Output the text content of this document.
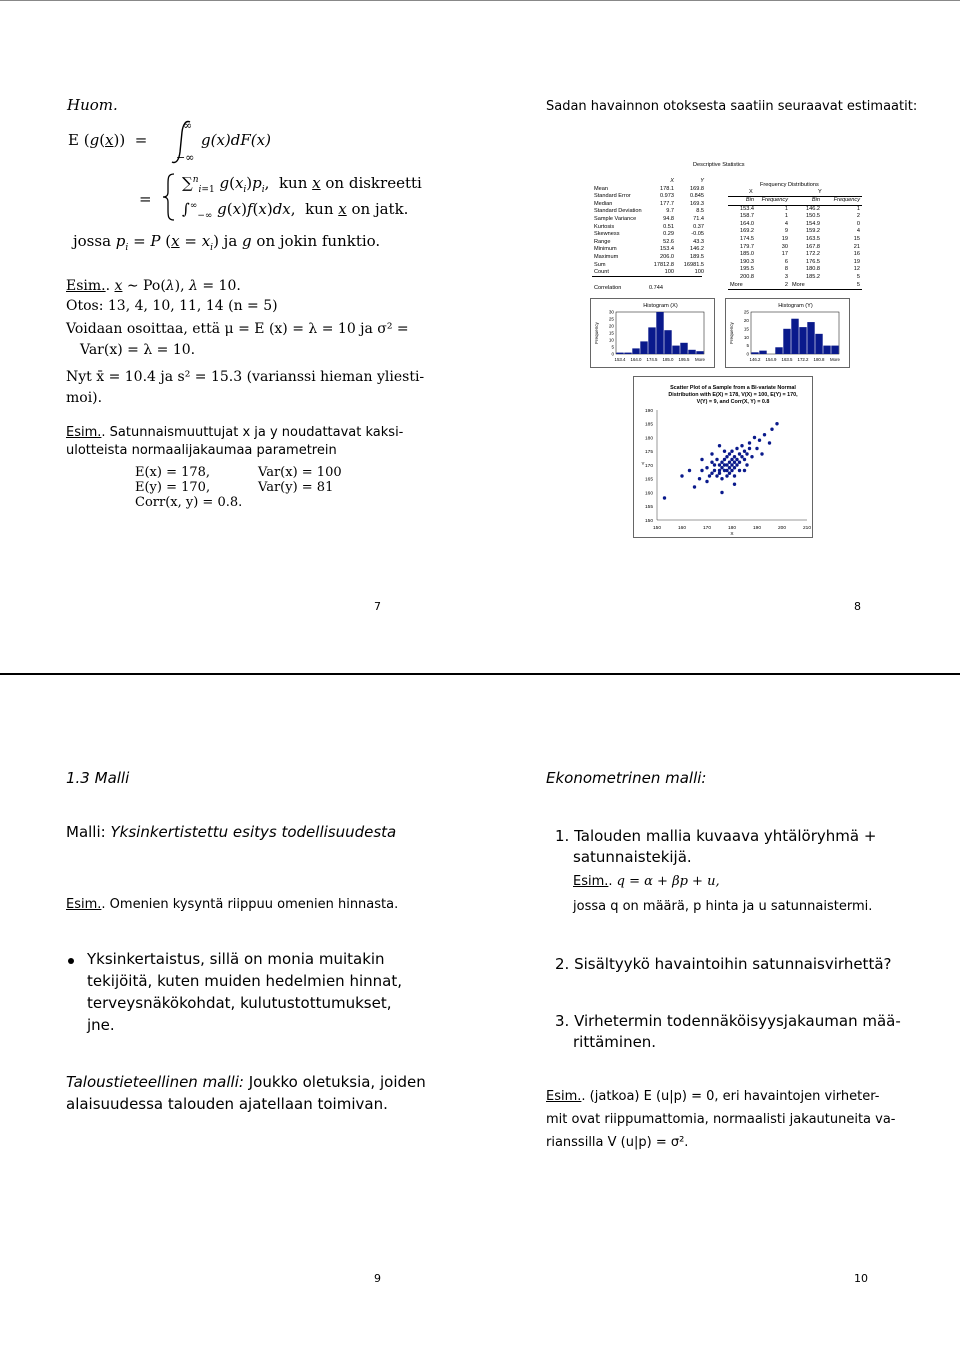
Huom.
E (g(x))  =
∞
−∞
g(x)dF(x)
=
∑$^n_{i=1}$ $g(x_i)p_i$,  kun x on diskreetti
$\int^\infty_{-\infty}$ g(x)f(x)dx,  kun x on jatk.
jossa $p_i = P$ $(x = x_i)$ ja g on jokin funktio.
Esim.. x ∼ Po(λ), λ = 10.
Otos: 13, 4, 10, 11, 14 (n = 5)
Voidaan osoittaa, että μ = E (x) = λ = 10 ja σ² =
Var(x) = λ = 10.
Nyt x̄ = 10.4 ja s² = 15.3 (varianssi hieman yliesti-
moi).
Esim.. Satunnaismuuttujat x ja y noudattavat kaksi-
ulotteista normaalijakaumaa parametrein
E(x) = 178,	Var(x) = 100
E(y) = 170,	Var(y) = 81
Corr(x, y) = 0.8.
7
Sadan havainnon otoksesta saatiin seuraavat estimaatit:
Descriptive Statistics
	X	Y
Mean	178.1	169.8
Standard Error	0.973	0.845
Median	177.7	169.3
Standard Deviation	9.7	8.5
Sample Variance	94.8	71.4
Kurtosis	0.51	0.37
Skewness	0.29	-0.05
Range	52.6	43.3
Minimum	153.4	146.2
Maximum	206.0	189.5
Sum	17812.8	16981.5
Count	100	100
Correlation	0.744
Frequency Distributions
X	Y
Bin	Frequency	Bin	Frequency
153.4	1	146.2	1
158.7	1	150.5	2
164.0	4	154.9	0
169.2	9	159.2	4
174.5	19	163.5	15
179.7	30	167.8	21
185.0	17	172.2	16
190.3	6	176.5	19
195.5	8	180.8	12
200.8	3	185.2	5
More	2	More	5
Histogram (X)
Frequency
0
5
10
15
20
25
30
153.4 164.0 174.5 185.0 195.5 More
Histogram (Y)
Frequency
0
5
10
15
20
25
146.2 154.9 163.5 172.2 180.8 More
Scatter Plot of a Sample from a Bi-variate Normal
Distribution with E(X) = 178, V(X) = 100, E(Y) = 170,
V(Y) = 9, and Corr(X, Y) = 0.8
150
155
160
165
170
175
180
185
190
150	160	170	180	190	200	210
X
Y
8
1.3 Malli
Malli: Yksinkertistettu esitys todellisuudesta
Esim.. Omenien kysyntä riippuu omenien hinnasta.
Yksinkertaistus, sillä on monia muitakin
tekijöitä, kuten muiden hedelmien hinnat,
terveysnäkökohdat, kulutustottumukset,
jne.
Taloustieteellinen malli: Joukko oletuksia, joiden
alaisuudessa talouden ajatellaan toimivan.
9
Ekonometrinen malli:
1. Talouden mallia kuvaava yhtälöryhmä +
satunnaistekijä.
Esim.. q = α + βp + u,
jossa q on määrä, p hinta ja u satunnaistermi.
2. Sisältyykö havaintoihin satunnaisvirhettä?
3. Virhetermin todennäköisyysjakauman mää-
rittäminen.
Esim.. (jatkoa) E (u|p) = 0, eri havaintojen virheter-
mit ovat riippumattomia, normaalisti jakautuneita va-
rianssilla V (u|p) = σ².
10
